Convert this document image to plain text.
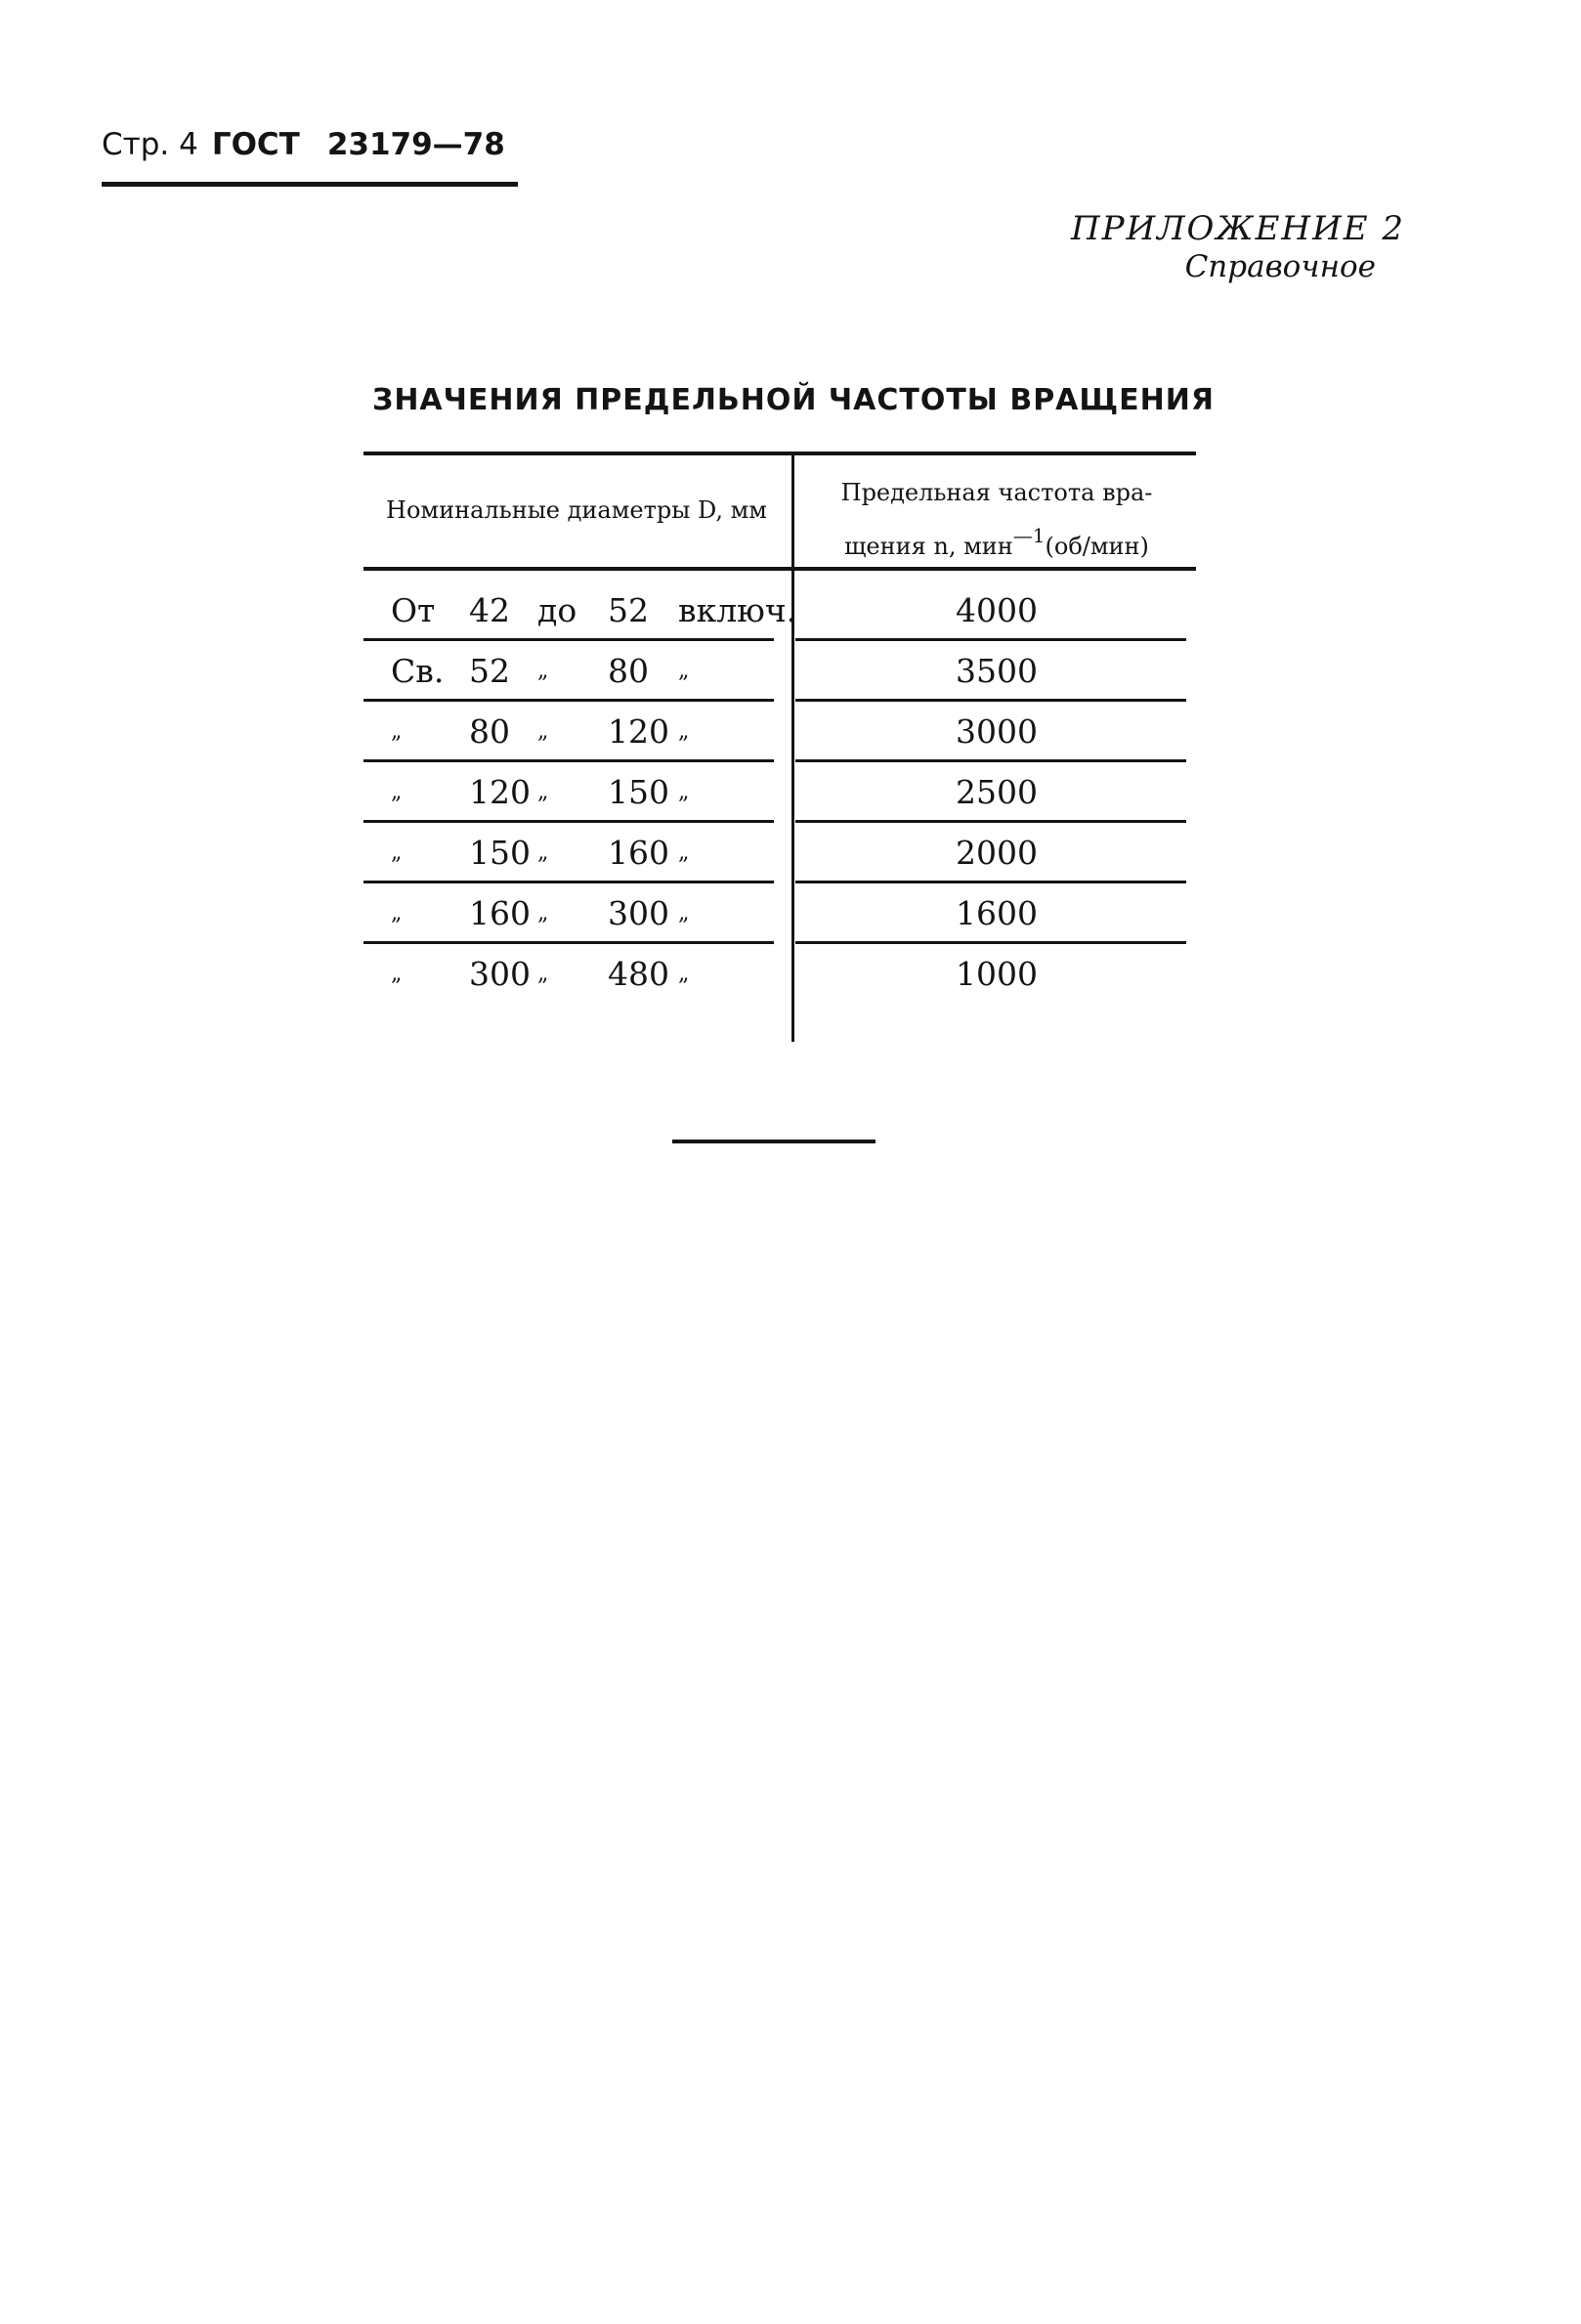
Стр. 4 ГОСТ 23179—78
ПРИЛОЖЕНИЕ 2
Справочное
ЗНАЧЕНИЯ ПРЕДЕЛЬНОЙ ЧАСТОТЫ ВРАЩЕНИЯ
Номинальные диаметры D, мм
Предельная частота вра-
щения n, мин$^{—1}$(об/мин)
От 42 до 52 включ.	4000
Св. 52 „ 80 „	3500
„ 80 „ 120 „	3000
„ 120 „ 150 „	2500
„ 150 „ 160 „	2000
„ 160 „ 300 „	1600
„ 300 „ 480 „	1000
